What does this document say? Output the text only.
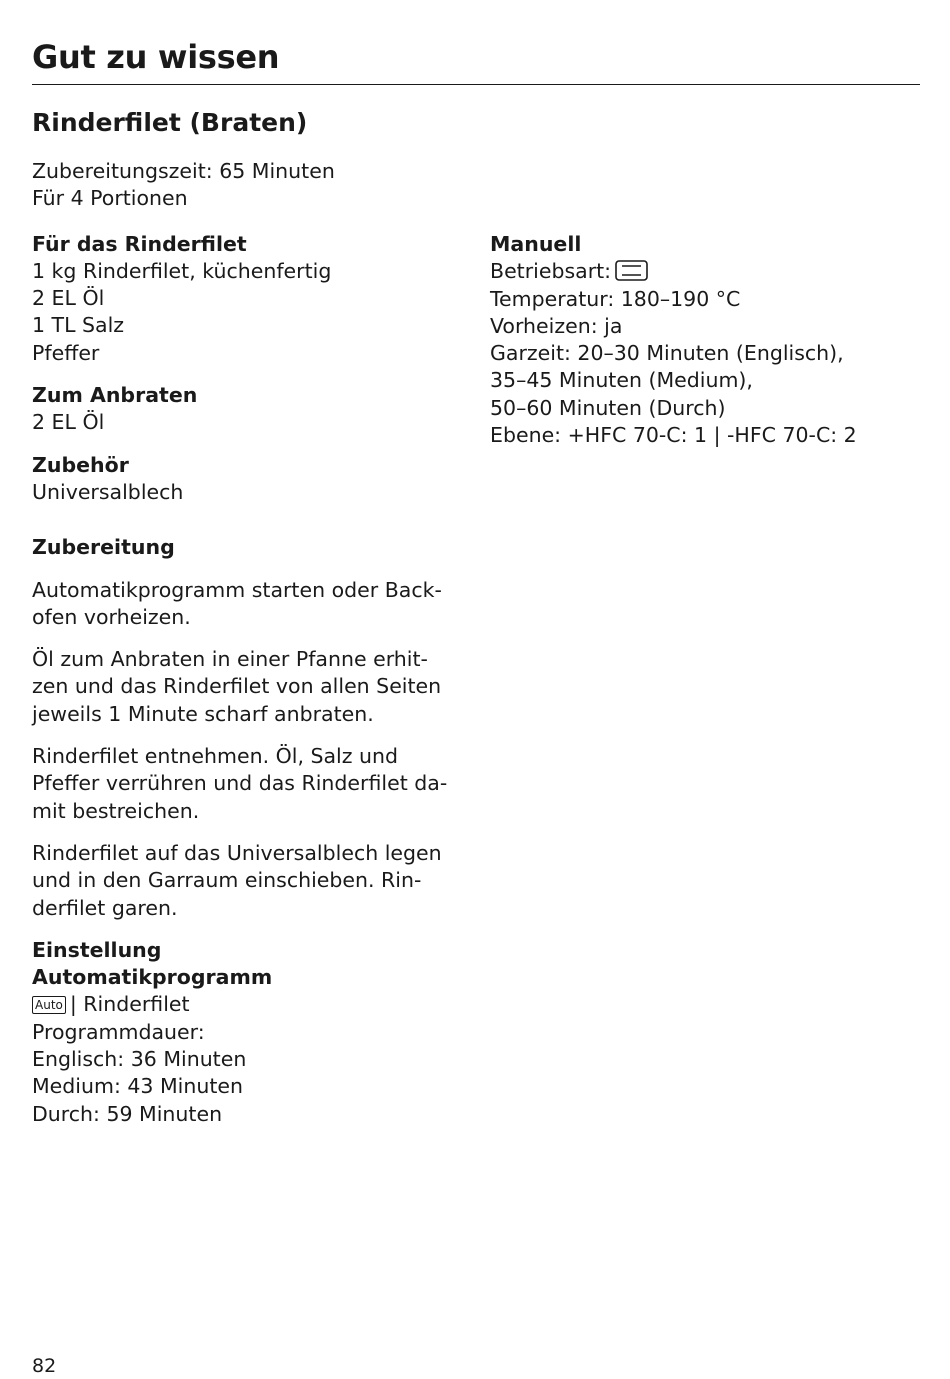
Gut zu wissen
Rinderfilet (Braten)
Zubereitungszeit: 65 Minuten
Für 4 Portionen
Für das Rinderfilet
1 kg Rinderfilet, küchenfertig
2 EL Öl
1 TL Salz
Pfeffer
Zum Anbraten
2 EL Öl
Zubehör
Universalblech
Zubereitung
Automatikprogramm starten oder Back-
ofen vorheizen.
Öl zum Anbraten in einer Pfanne erhit-
zen und das Rinderfilet von allen Seiten
jeweils 1 Minute scharf anbraten.
Rinderfilet entnehmen. Öl, Salz und
Pfeffer verrühren und das Rinderfilet da-
mit bestreichen.
Rinderfilet auf das Universalblech legen
und in den Garraum einschieben. Rin-
derfilet garen.
Einstellung
Automatikprogramm
Auto | Rinderfilet
Programmdauer:
Englisch: 36 Minuten
Medium: 43 Minuten
Durch: 59 Minuten
Manuell
Betriebsart:
Temperatur: 180–190 °C
Vorheizen: ja
Garzeit: 20–30 Minuten (Englisch),
35–45 Minuten (Medium),
50–60 Minuten (Durch)
Ebene: +HFC 70-C: 1 | -HFC 70-C: 2
82
